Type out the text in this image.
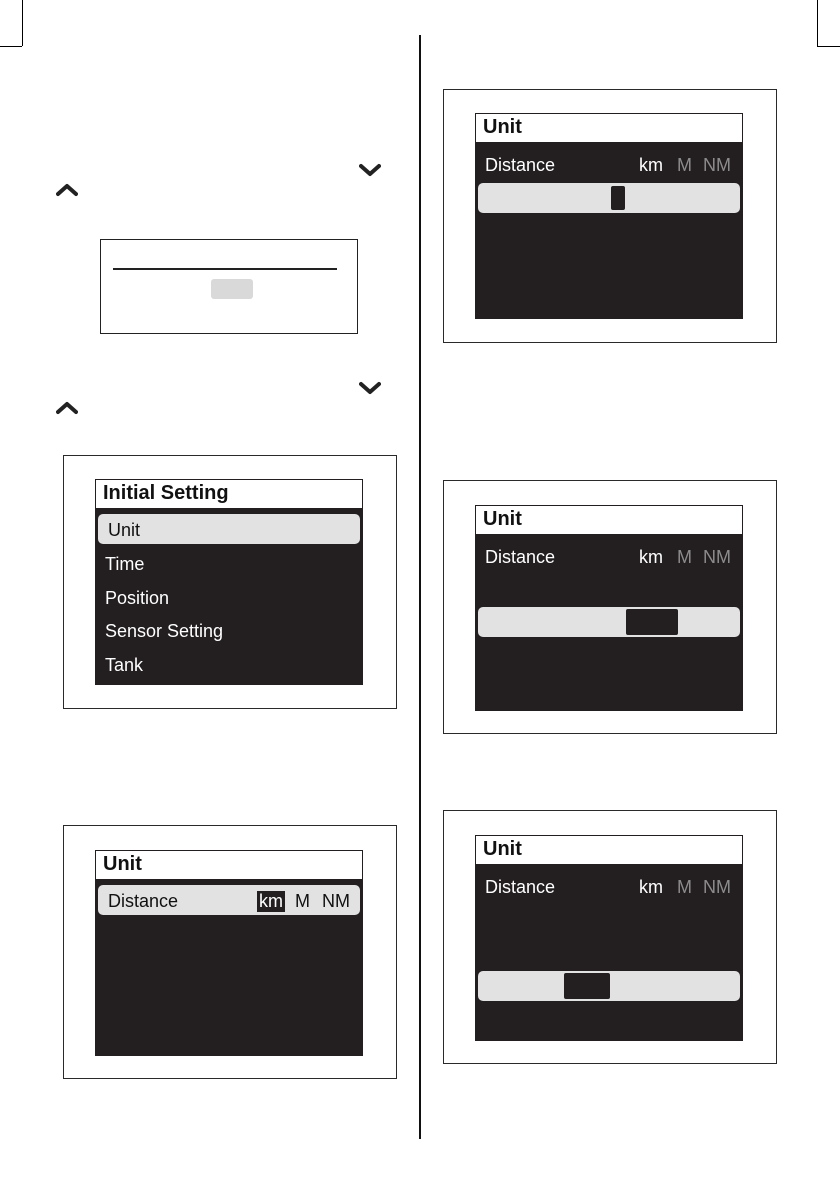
Initial Setting
Unit
Time
Position
Sensor Setting
Tank
Unit
Distance	km M NM
Unit
Distance	km M NM
Unit
Distance	km M NM
Unit
Distance	km M NM
